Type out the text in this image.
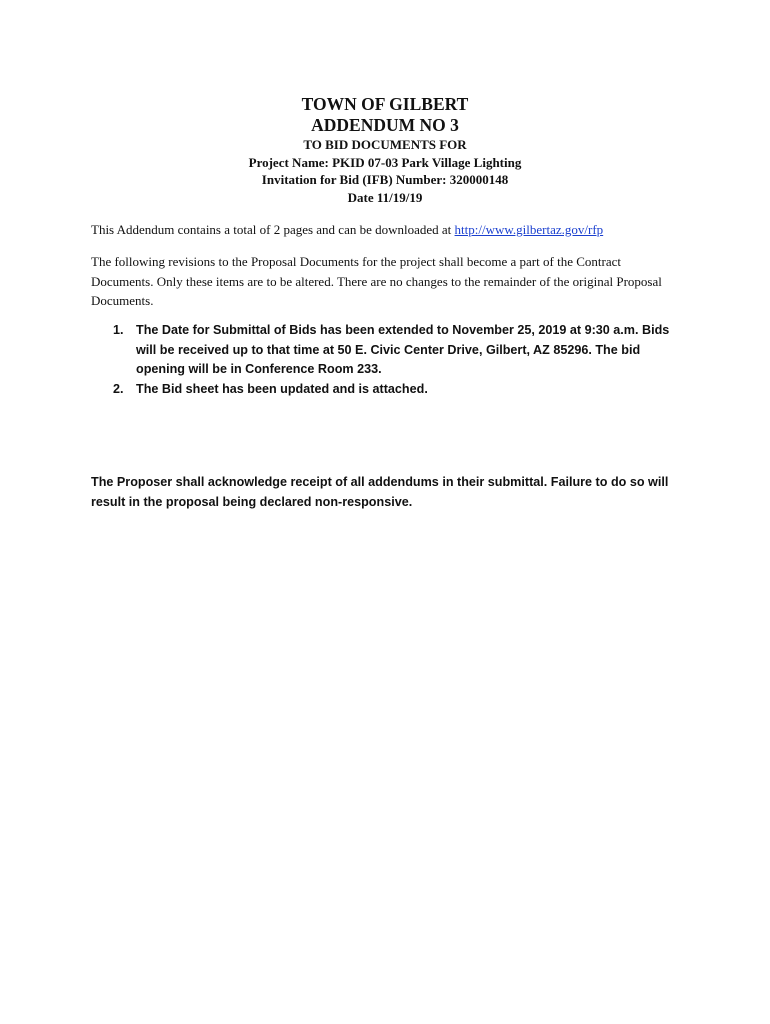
TOWN OF GILBERT

ADDENDUM NO 3

TO BID DOCUMENTS FOR

Project Name: PKID 07-03 Park Village Lighting

Invitation for Bid (IFB) Number: 320000148

Date 11/19/19

This Addendum contains a total of 2 pages and can be downloaded at http://www.gilbertaz.gov/rfp

The following revisions to the Proposal Documents for the project shall become a part of the Contract Documents. Only these items are to be altered. There are no changes to the remainder of the original Proposal Documents.

1. The Date for Submittal of Bids has been extended to November 25, 2019 at 9:30 a.m. Bids will be received up to that time at 50 E. Civic Center Drive, Gilbert, AZ 85296. The bid opening will be in Conference Room 233.
2. The Bid sheet has been updated and is attached.

The Proposer shall acknowledge receipt of all addendums in their submittal. Failure to do so will result in the proposal being declared non-responsive.
